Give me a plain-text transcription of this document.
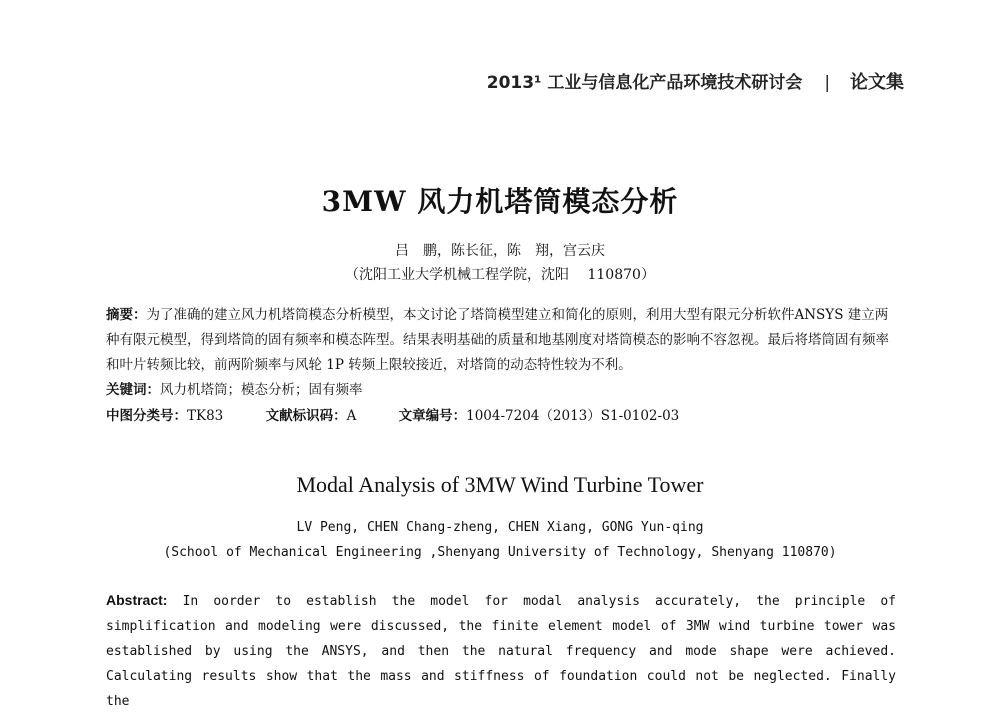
2013¹ 工业与信息化产品环境技术研讨会 | 论文集
3MW 风力机塔筒模态分析
吕　鹏，陈长征，陈　翔，宫云庆
（沈阳工业大学机械工程学院，沈阳　 110870）
摘要：为了准确的建立风力机塔筒模态分析模型，本文讨论了塔筒模型建立和简化的原则，利用大型有限元分析软件ANSYS 建立两种有限元模型，得到塔筒的固有频率和模态阵型。结果表明基础的质量和地基刚度对塔筒模态的影响不容忽视。最后将塔筒固有频率和叶片转频比较，前两阶频率与风轮 1P 转频上限较接近，对塔筒的动态特性较为不利。
关键词：风力机塔筒；模态分析；固有频率
中图分类号：TK83	文献标识码：A	文章编号：1004-7204（2013）S1-0102-03
Modal Analysis of 3MW Wind Turbine Tower
LV Peng, CHEN Chang-zheng, CHEN Xiang, GONG Yun-qing
(School of Mechanical Engineering ,Shenyang University of Technology, Shenyang 110870)
Abstract: In oorder to establish the model for modal analysis accurately, the principle of simplification and modeling were discussed, the finite element model of 3MW wind turbine tower was established by using the ANSYS, and then the natural frequency and mode shape were achieved. Calculating results show that the mass and stiffness of foundation could not be neglected. Finally the
